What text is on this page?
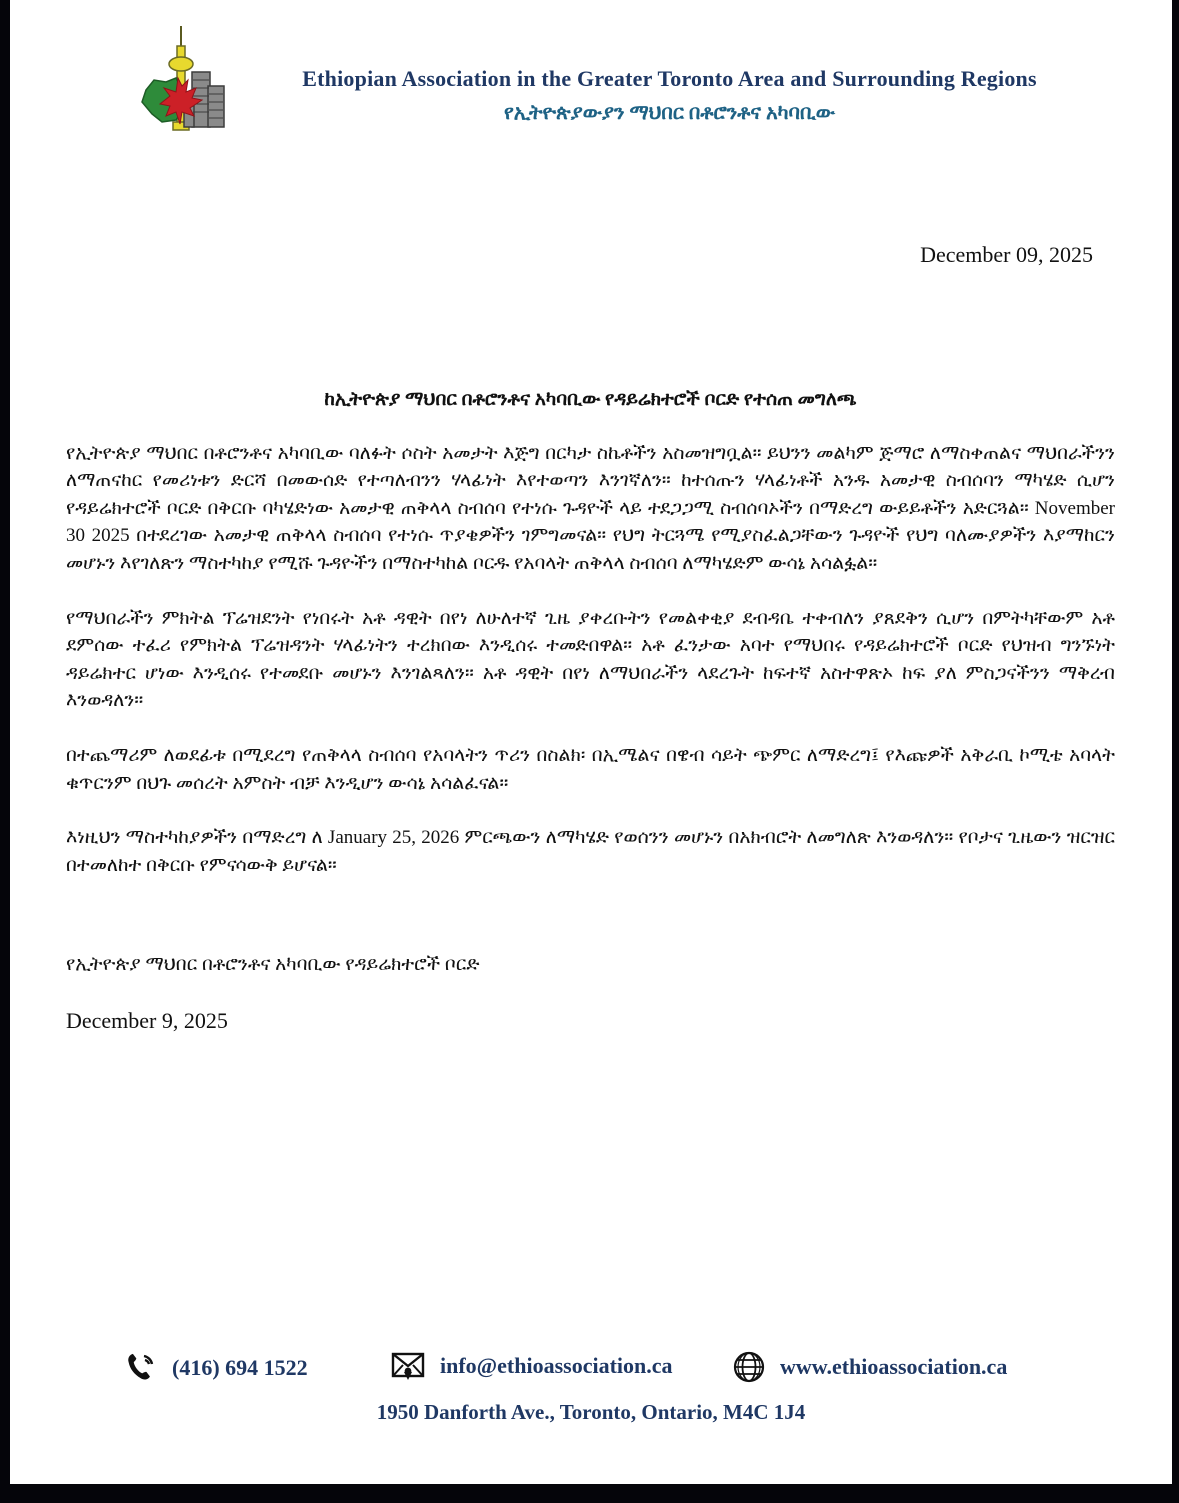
Ethiopian Association in the Greater Toronto Area and Surrounding Regions
የኢትዮጵያውያን ማህበር በቶሮንቶና አካባቢው
December 09, 2025
ከኢትዮጵያ ማህበር በቶሮንቶና አካባቢው የዳይሬክተሮች ቦርድ የተሰጠ መግለጫ

የኢትዮጵያ ማህበር በቶሮንቶና አካባቢው ባለፉት ሶስት አመታት እጅግ በርካታ ስኬቶችን አስመዝግቧል። ይህንን መልካም ጅማሮ ለማስቀጠልና ማህበራችንን ለማጠናከር የመሪነቱን ድርሻ በመውሰድ የተጣለብንን ሃላፊነት እየተወጣን እንገኛለን። ከተሰጡን ሃላፊነቶች አንዱ አመታዊ ስብሰባን ማካሄድ ሲሆን የዳይሬክተሮች ቦርድ በቅርቡ ባካሄድነው አመታዊ ጠቅላላ ስብሰባ የተነሱ ጉዳዮች ላይ ተደጋጋሚ ስብሰባኦችን በማድረግ ውይይቶችን አድርጓል። November 30 2025 በተደረገው አመታዊ ጠቅላላ ስብሰባ የተነሱ ጥያቄዎችን ገምግመናል። የህግ ትርጓሜ የሚያስፈልጋቸውን ጉዳዮች የህግ ባለሙያዎችን እያማከርን መሆኑን እየገለጽን ማስተካከያ የሚሹ ጉዳዮችን በማስተካከል ቦርዱ የአባላት ጠቅላላ ስብሰባ ለማካሄድም ውሳኔ አሳልፏል።

የማህበራችን ምክትል ፕሬዝደንት የነበሩት አቶ ዳዊት በየነ ለሁለተኛ ጊዜ ያቀረቡትን የመልቀቂያ ደብዳቤ ተቀብለን ያጸደቅን ሲሆን በምትካቸውም አቶ ደምሰው ተፈሪ የምክትል ፕሬዝዳንት ሃላፊነትን ተረክበው እንዲሰሩ ተመድበዋል። አቶ ፈንታው አባተ የማህበሩ የዳይሬክተሮች ቦርድ የህዝብ ግንኙነት ዳይሬክተር ሆነው እንዲሰሩ የተመደቡ መሆኑን እንገልጻለን። አቶ ዳዊት በየነ ለማህበራችን ላደረጉት ከፍተኛ አስተዋጽኦ ከፍ ያለ ምስጋናችንን ማቅረብ እንወዳለን።

በተጨማሪም ለወደፊቱ በሚደረግ የጠቅላላ ስብሰባ የአባላትን ጥሪን በስልክ፡ በኢሜልና በዌብ ሳይት ጭምር ለማድረግ፤ የእጩዎች አቅራቢ ኮሚቴ አባላት ቁጥርንም በህጉ መሰረት አምስት ብቻ እንዲሆን ውሳኔ አሳልፈናል።

እነዚህን ማስተካከያዎችን በማድረግ ለ January 25, 2026 ምርጫውን ለማካሄድ የወሰንን መሆኑን በአክብሮት ለመግለጽ እንወዳለን። የቦታና ጊዜውን ዝርዝር በተመለከተ በቅርቡ የምናሳውቅ ይሆናል።

የኢትዮጵያ ማህበር በቶሮንቶና አካባቢው የዳይሬክተሮች ቦርድ
December 9, 2025
(416) 694 1522	info@ethioassociation.ca	www.ethioassociation.ca
1950 Danforth Ave., Toronto, Ontario, M4C 1J4
